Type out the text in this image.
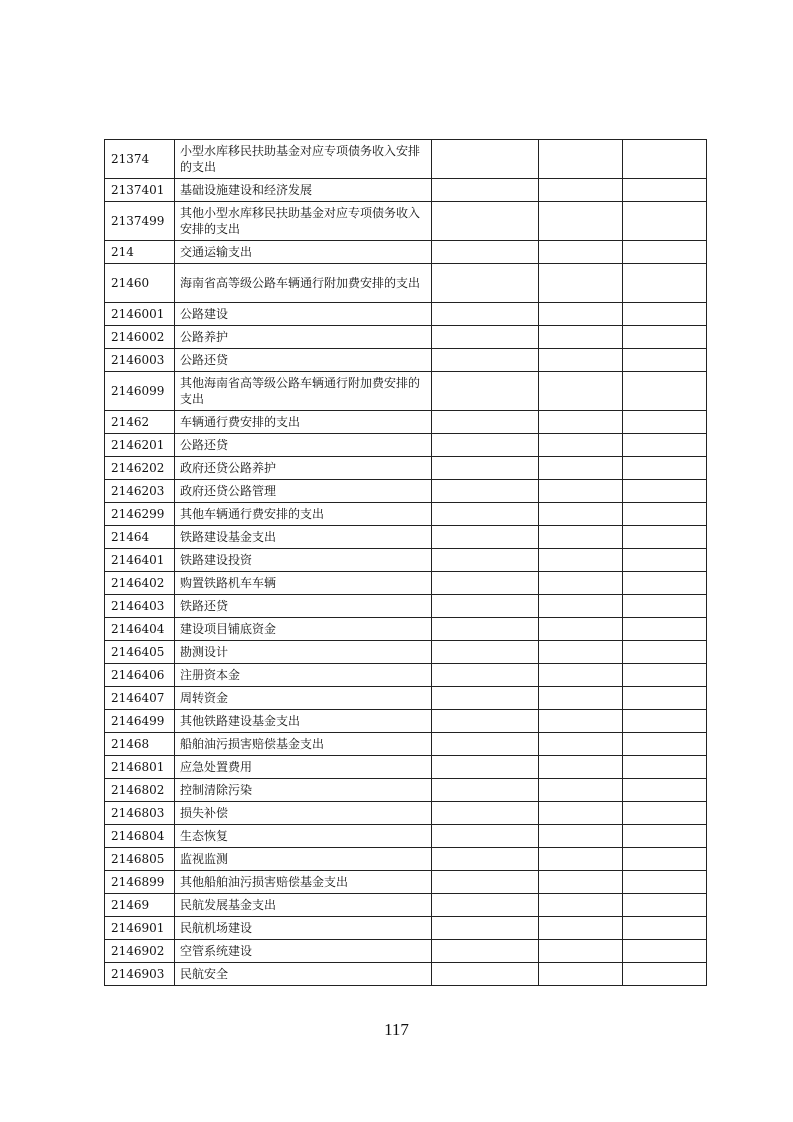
21374	小型水库移民扶助基金对应专项债务收入安排的支出			
2137401	基础设施建设和经济发展			
2137499	其他小型水库移民扶助基金对应专项债务收入安排的支出			
214	交通运输支出			
21460	海南省高等级公路车辆通行附加费安排的支出			
2146001	公路建设			
2146002	公路养护			
2146003	公路还贷			
2146099	其他海南省高等级公路车辆通行附加费安排的支出			
21462	车辆通行费安排的支出			
2146201	公路还贷			
2146202	政府还贷公路养护			
2146203	政府还贷公路管理			
2146299	其他车辆通行费安排的支出			
21464	铁路建设基金支出			
2146401	铁路建设投资			
2146402	购置铁路机车车辆			
2146403	铁路还贷			
2146404	建设项目铺底资金			
2146405	勘测设计			
2146406	注册资本金			
2146407	周转资金			
2146499	其他铁路建设基金支出			
21468	船舶油污损害赔偿基金支出			
2146801	应急处置费用			
2146802	控制清除污染			
2146803	损失补偿			
2146804	生态恢复			
2146805	监视监测			
2146899	其他船舶油污损害赔偿基金支出			
21469	民航发展基金支出			
2146901	民航机场建设			
2146902	空管系统建设			
2146903	民航安全			
117
